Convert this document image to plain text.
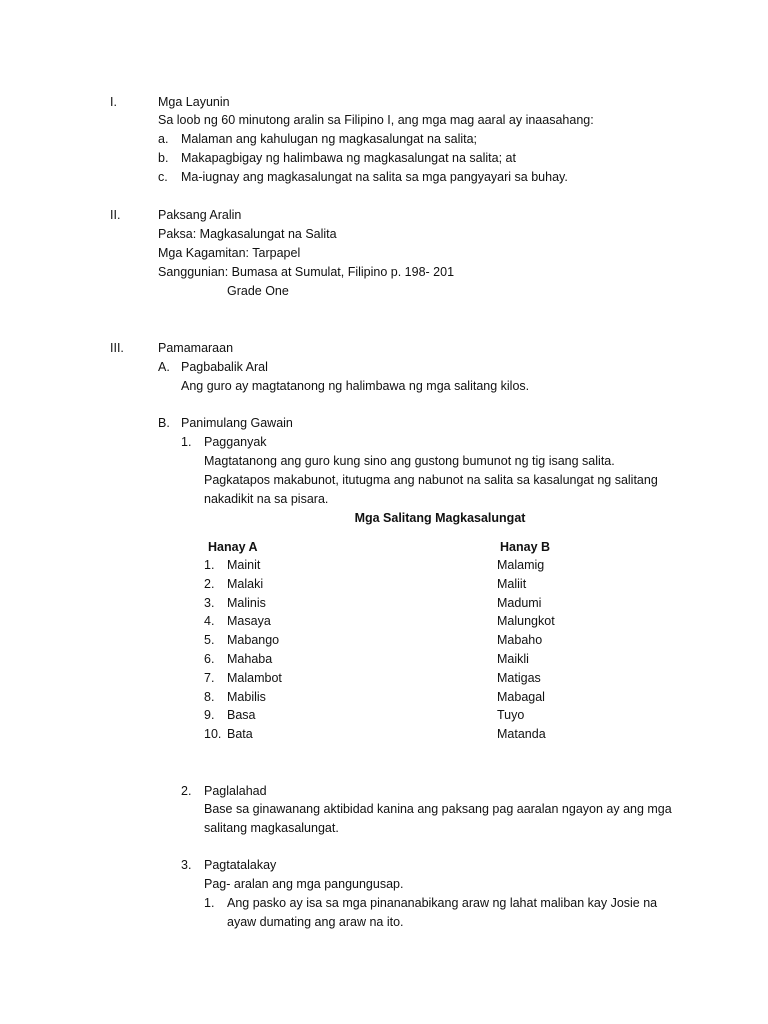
I.	Mga Layunin
Sa loob ng 60 minutong aralin sa Filipino I, ang mga mag aaral ay inaasahang:
a. Malaman ang kahulugan ng magkasalungat na salita;
b. Makapagbigay ng halimbawa ng magkasalungat na salita; at
c. Ma-iugnay ang magkasalungat na salita sa mga pangyayari sa buhay.
II.	Paksang Aralin
Paksa: Magkasalungat na Salita
Mga Kagamitan: Tarpapel
Sanggunian: Bumasa at Sumulat, Filipino p. 198- 201
Grade One
III.	Pamamaraan
A. Pagbabalik Aral
Ang guro ay magtatanong ng halimbawa ng mga salitang kilos.
B. Panimulang Gawain
1. Pagganyak
Magtatanong ang guro kung sino ang gustong bumunot ng tig isang salita.
Pagkatapos makabunot, itutugma ang nabunot na salita sa kasalungat ng salitang
nakadikit na sa pisara.
Mga Salitang Magkasalungat
Hanay A	Hanay B
1. Mainit	Malamig
2. Malaki	Maliit
3. Malinis	Madumi
4. Masaya	Malungkot
5. Mabango	Mabaho
6. Mahaba	Maikli
7. Malambot	Matigas
8. Mabilis	Mabagal
9. Basa	Tuyo
10. Bata	Matanda
2. Paglalahad
Base sa ginawanang aktibidad kanina ang paksang pag aaralan ngayon ay ang mga
salitang magkasalungat.
3. Pagtatalakay
Pag- aralan ang mga pangungusap.
1. Ang pasko ay isa sa mga pinananabikang araw ng lahat maliban kay Josie na
ayaw dumating ang araw na ito.
